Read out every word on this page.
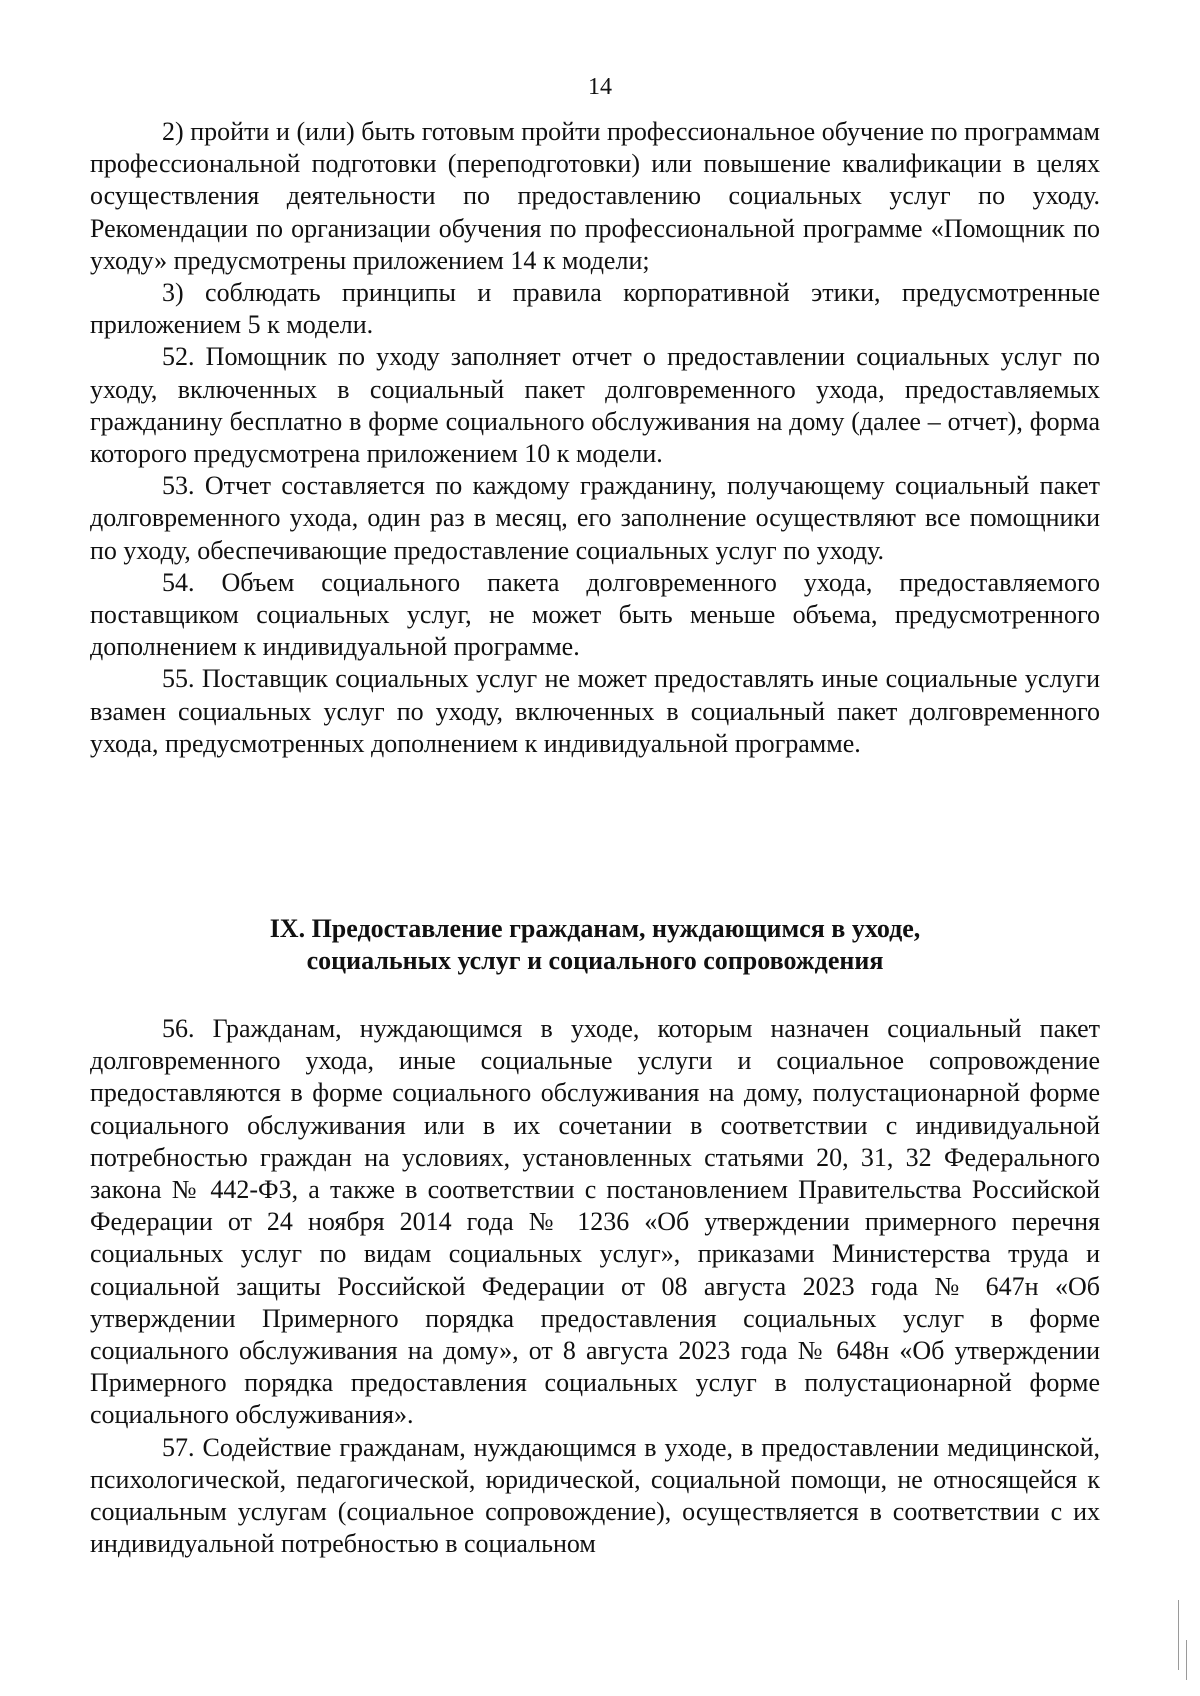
14

2) пройти и (или) быть готовым пройти профессиональное обучение по программам профессиональной подготовки (переподготовки) или повышение квалификации в целях осуществления деятельности по предоставлению социальных услуг по уходу. Рекомендации по организации обучения по профессиональной программе «Помощник по уходу» предусмотрены приложением 14 к модели;

3) соблюдать принципы и правила корпоративной этики, предусмотренные приложением 5 к модели.

52. Помощник по уходу заполняет отчет о предоставлении социальных услуг по уходу, включенных в социальный пакет долговременного ухода, предоставляемых гражданину бесплатно в форме социального обслуживания на дому (далее – отчет), форма которого предусмотрена приложением 10 к модели.

53. Отчет составляется по каждому гражданину, получающему социальный пакет долговременного ухода, один раз в месяц, его заполнение осуществляют все помощники по уходу, обеспечивающие предоставление социальных услуг по уходу.

54. Объем социального пакета долговременного ухода, предоставляемого поставщиком социальных услуг, не может быть меньше объема, предусмотренного дополнением к индивидуальной программе.

55. Поставщик социальных услуг не может предоставлять иные социальные услуги взамен социальных услуг по уходу, включенных в социальный пакет долговременного ухода, предусмотренных дополнением к индивидуальной программе.

IX. Предоставление гражданам, нуждающимся в уходе,
социальных услуг и социального сопровождения

56. Гражданам, нуждающимся в уходе, которым назначен социальный пакет долговременного ухода, иные социальные услуги и социальное сопровождение предоставляются в форме социального обслуживания на дому, полустационарной форме социального обслуживания или в их сочетании в соответствии с индивидуальной потребностью граждан на условиях, установленных статьями 20, 31, 32 Федерального закона № 442-ФЗ, а также в соответствии с постановлением Правительства Российской Федерации от 24 ноября 2014 года № 1236 «Об утверждении примерного перечня социальных услуг по видам социальных услуг», приказами Министерства труда и социальной защиты Российской Федерации от 08 августа 2023 года № 647н «Об утверждении Примерного порядка предоставления социальных услуг в форме социального обслуживания на дому», от 8 августа 2023 года № 648н «Об утверждении Примерного порядка предоставления социальных услуг в полустационарной форме социального обслуживания».

57. Содействие гражданам, нуждающимся в уходе, в предоставлении медицинской, психологической, педагогической, юридической, социальной помощи, не относящейся к социальным услугам (социальное сопровождение), осуществляется в соответствии с их индивидуальной потребностью в социальном
